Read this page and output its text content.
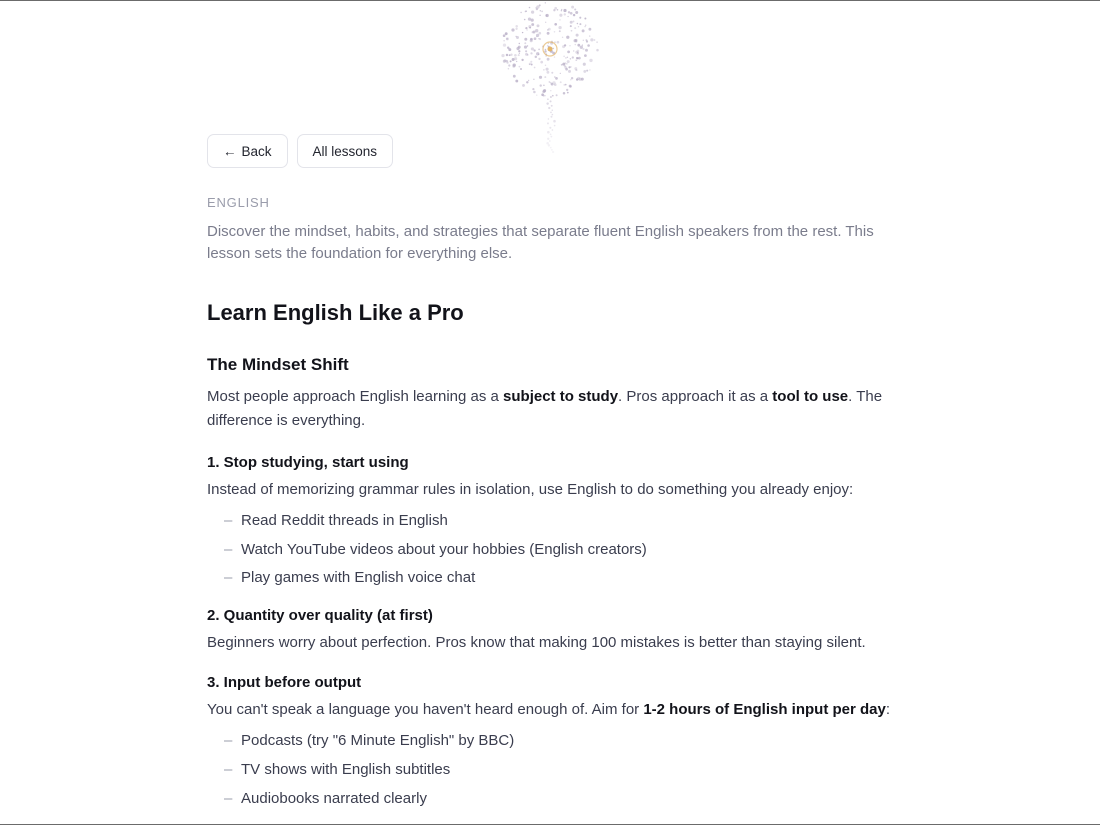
← Back	All lessons
ENGLISH
Discover the mindset, habits, and strategies that separate fluent English speakers from the rest. This lesson sets the foundation for everything else.
Learn English Like a Pro
The Mindset Shift

Most people approach English learning as a subject to study. Pros approach it as a tool to use. The difference is everything.

1. Stop studying, start using

Instead of memorizing grammar rules in isolation, use English to do something you already enjoy:

– Read Reddit threads in English
– Watch YouTube videos about your hobbies (English creators)
– Play games with English voice chat
2. Quantity over quality (at first)

Beginners worry about perfection. Pros know that making 100 mistakes is better than staying silent.

3. Input before output

You can't speak a language you haven't heard enough of. Aim for 1-2 hours of English input per day:

– Podcasts (try "6 Minute English" by BBC)
– TV shows with English subtitles
– Audiobooks narrated clearly
